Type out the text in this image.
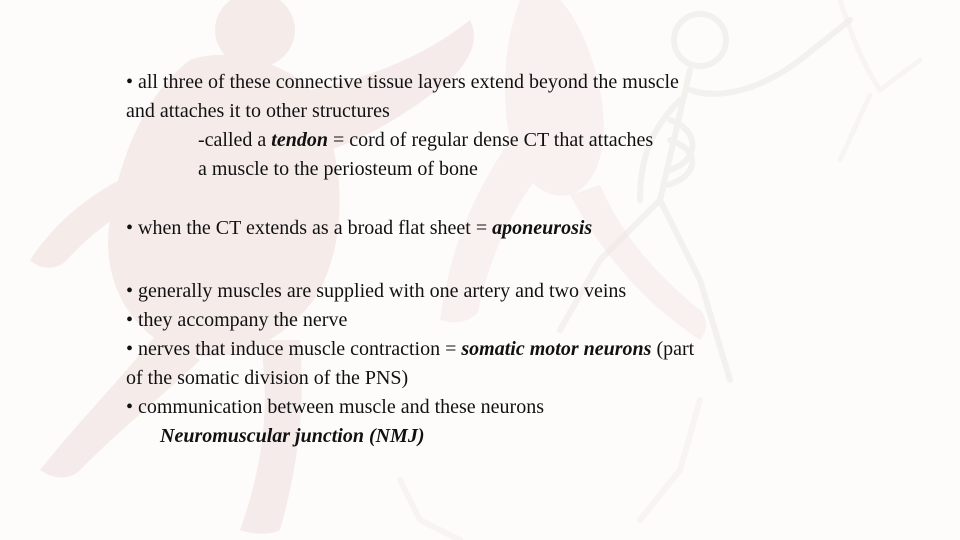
• all three of these connective tissue layers extend beyond the muscle
and attaches it to other structures
-called a tendon = cord of regular dense CT that attaches
a muscle to the periosteum of bone
• when the CT extends as a broad flat sheet = aponeurosis
• generally muscles are supplied with one artery and two veins
• they accompany the nerve
• nerves that induce muscle contraction = somatic motor neurons (part
of the somatic division of the PNS)
• communication between muscle and these neurons
Neuromuscular junction (NMJ)
